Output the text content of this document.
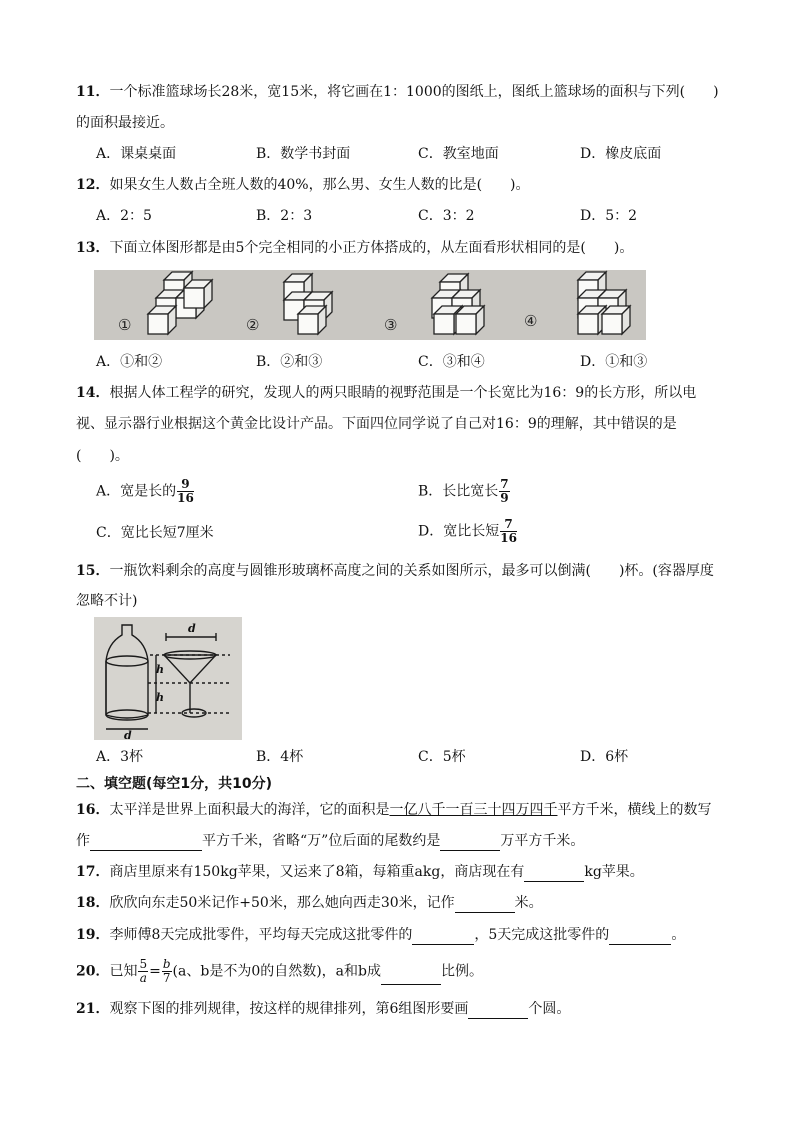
11．一个标准篮球场长28米，宽15米，将它画在1：1000的图纸上，图纸上篮球场的面积与下列(　　)
的面积最接近。
A．课桌桌面	B．数学书封面	C．教室地面	D．橡皮底面
12．如果女生人数占全班人数的40%，那么男、女生人数的比是(　　)。
A．2：5	B．2：3	C．3：2	D．5：2
13．下面立体图形都是由5个完全相同的小正方体搭成的，从左面看形状相同的是(　　)。
①	②	③	④
A．①和②	B．②和③	C．③和④	D．①和③
14．根据人体工程学的研究，发现人的两只眼睛的视野范围是一个长宽比为16：9的长方形，所以电
视、显示器行业根据这个黄金比设计产品。下面四位同学说了自己对16：9的理解，其中错误的是
(　　)。
A．宽是长的 $\frac{9}{16}$	B．长比宽长 $\frac{7}{9}$
C．宽比长短7厘米	D．宽比长短 $\frac{7}{16}$
15．一瓶饮料剩余的高度与圆锥形玻璃杯高度之间的关系如图所示，最多可以倒满(　　)杯。(容器厚度
忽略不计)
d
h
h
d
A．3杯	B．4杯	C．5杯	D．6杯
二、填空题(每空1分，共10分)
16．太平洋是世界上面积最大的海洋，它的面积是一亿八千一百三十四万四千平方千米，横线上的数写
作	平方千米，省略“万”位后面的尾数约是	万平方千米。
17．商店里原来有150kg苹果，又运来了8箱，每箱重akg，商店现在有	kg苹果。
18．欣欣向东走50米记作+50米，那么她向西走30米，记作	米。
19．李师傅8天完成批零件，平均每天完成这批零件的	，5天完成这批零件的	。
20．已知 $\frac{5}{a} = \frac{b}{7} (a$、b是不为0的自然数)，a和b成	比例。
21．观察下图的排列规律，按这样的规律排列，第6组图形要画	个圆。
